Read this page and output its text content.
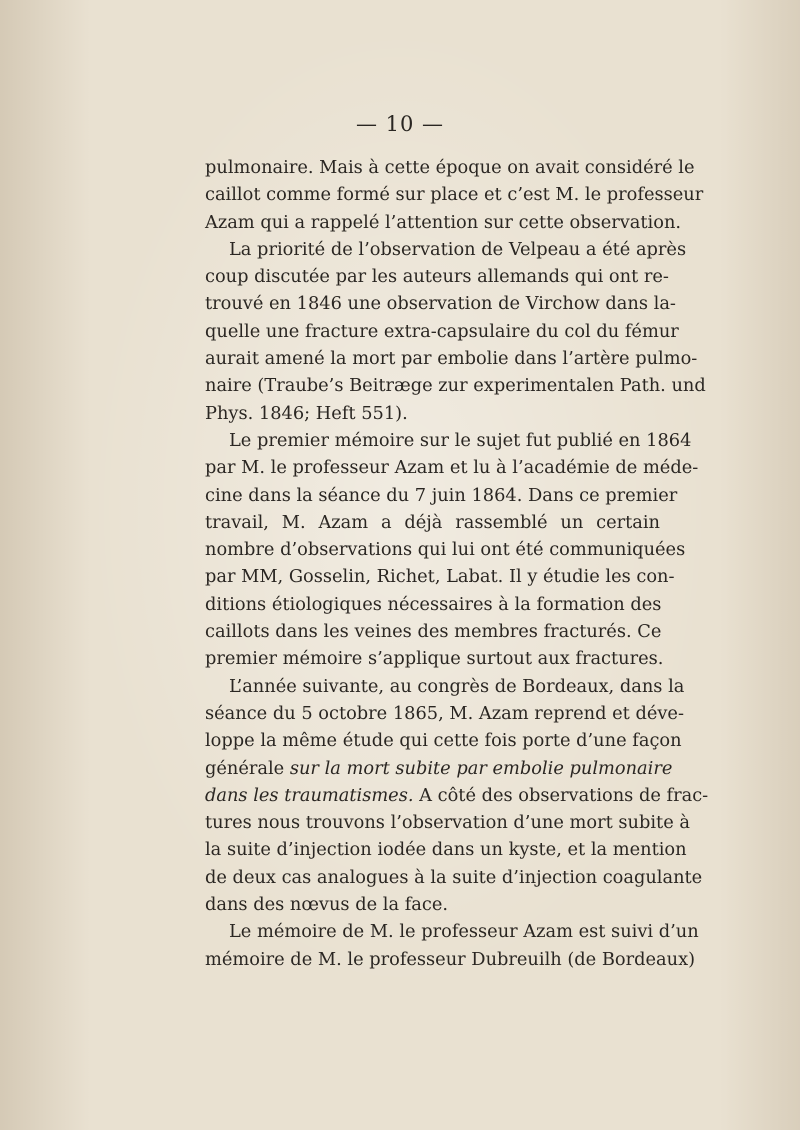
— 10 —
pulmonaire. Mais à cette époque on avait considéré le
caillot comme formé sur place et c’est M. le professeur
Azam qui a rappelé l’attention sur cette observation.
La priorité de l’observation de Velpeau a été après
coup discutée par les auteurs allemands qui ont re-
trouvé en 1846 une observation de Virchow dans la-
quelle une fracture extra-capsulaire du col du fémur
aurait amené la mort par embolie dans l’artère pulmo-
naire (Traube’s Beitræge zur experimentalen Path. und
Phys. 1846; Heft 551).
Le premier mémoire sur le sujet fut publié en 1864
par M. le professeur Azam et lu à l’académie de méde-
cine dans la séance du 7 juin 1864. Dans ce premier
travail, M. Azam a déjà rassemblé un certain
nombre d’observations qui lui ont été communiquées
par MM, Gosselin, Richet, Labat. Il y étudie les con-
ditions étiologiques nécessaires à la formation des
caillots dans les veines des membres fracturés. Ce
premier mémoire s’applique surtout aux fractures.
L’année suivante, au congrès de Bordeaux, dans la
séance du 5 octobre 1865, M. Azam reprend et déve-
loppe la même étude qui cette fois porte d’une façon
générale sur la mort subite par embolie pulmonaire
dans les traumatismes. A côté des observations de frac-
tures nous trouvons l’observation d’une mort subite à
la suite d’injection iodée dans un kyste, et la mention
de deux cas analogues à la suite d’injection coagulante
dans des nœvus de la face.
Le mémoire de M. le professeur Azam est suivi d’un
mémoire de M. le professeur Dubreuilh (de Bordeaux)
